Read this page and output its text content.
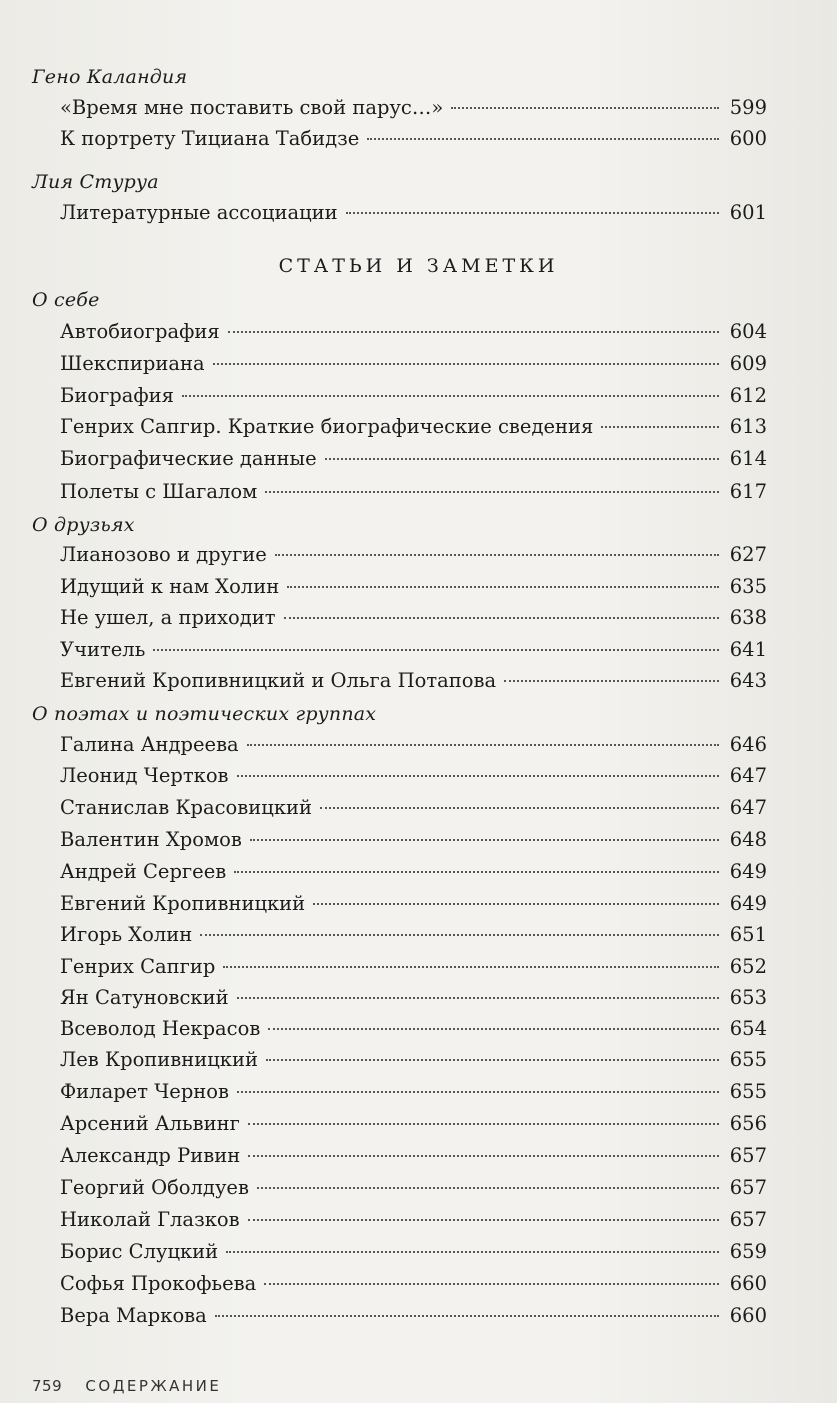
Гено Каландия
«Время мне поставить свой парус…»	599
К портрету Тициана Табидзе	600
Лия Стуруа
Литературные ассоциации	601
СТАТЬИ И ЗАМЕТКИ
О себе
Автобиография	604
Шекспириана	609
Биография	612
Генрих Сапгир. Краткие биографические сведения	613
Биографические данные	614
Полеты с Шагалом	617
О друзьях
Лианозово и другие	627
Идущий к нам Холин	635
Не ушел, а приходит	638
Учитель	641
Евгений Кропивницкий и Ольга Потапова	643
О поэтах и поэтических группах
Галина Андреева	646
Леонид Чертков	647
Станислав Красовицкий	647
Валентин Хромов	648
Андрей Сергеев	649
Евгений Кропивницкий	649
Игорь Холин	651
Генрих Сапгир	652
Ян Сатуновский	653
Всеволод Некрасов	654
Лев Кропивницкий	655
Филарет Чернов	655
Арсений Альвинг	656
Александр Ривин	657
Георгий Оболдуев	657
Николай Глазков	657
Борис Слуцкий	659
Софья Прокофьева	660
Вера Маркова	660
759 СОДЕРЖАНИЕ
